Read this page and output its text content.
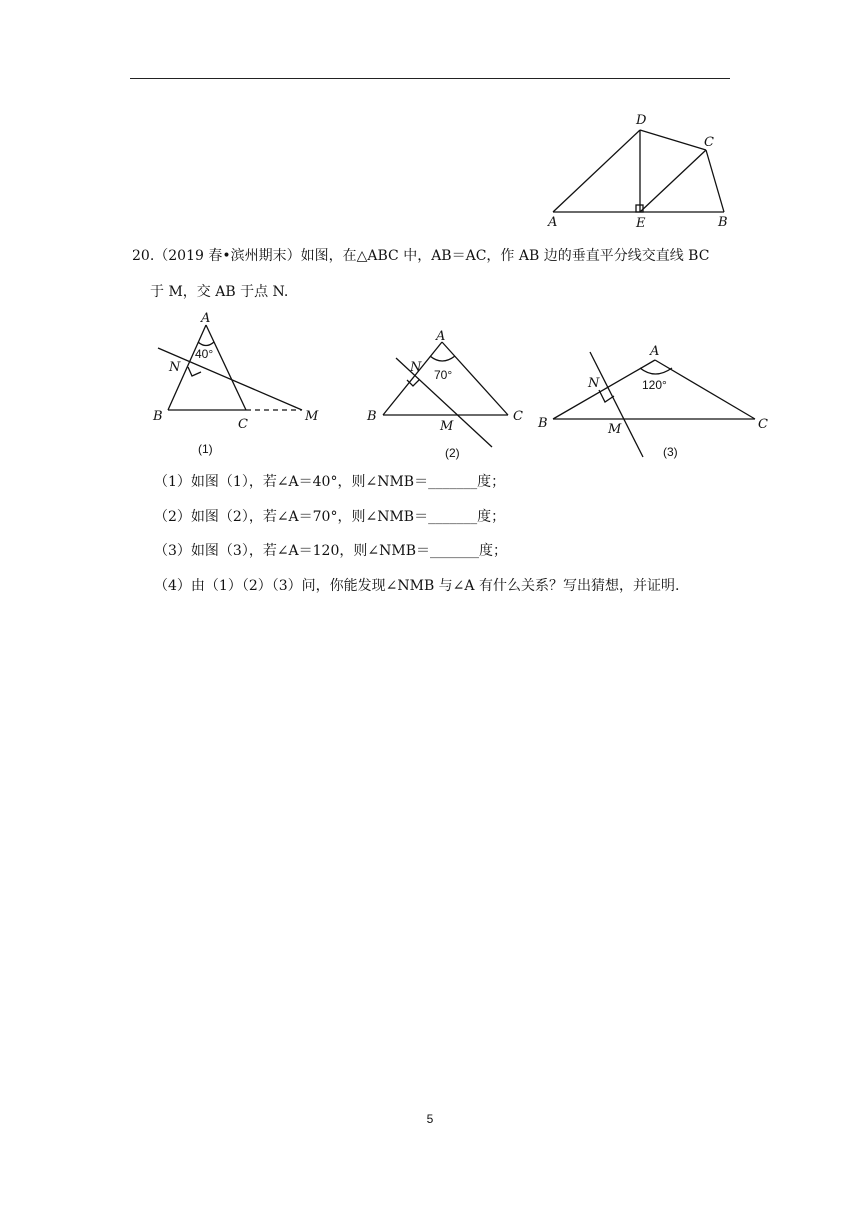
D
C
A	E	B
20.（2019 春•滨州期末）如图，在△ABC 中，AB＝AC，作 AB 边的垂直平分线交直线 BC
于 M，交 AB 于点 N.
A
N
B
C
M
40°
(1)
A
N
B	C
M
70°
(2)
A
N
B	C
M
120°
(3)
（1）如图（1），若∠A＝40°，则∠NMB＝_______度；
（2）如图（2），若∠A＝70°，则∠NMB＝_______度；
（3）如图（3），若∠A＝120，则∠NMB＝_______度；
（4）由（1）（2）（3）问，你能发现∠NMB 与∠A 有什么关系？写出猜想，并证明.
5
